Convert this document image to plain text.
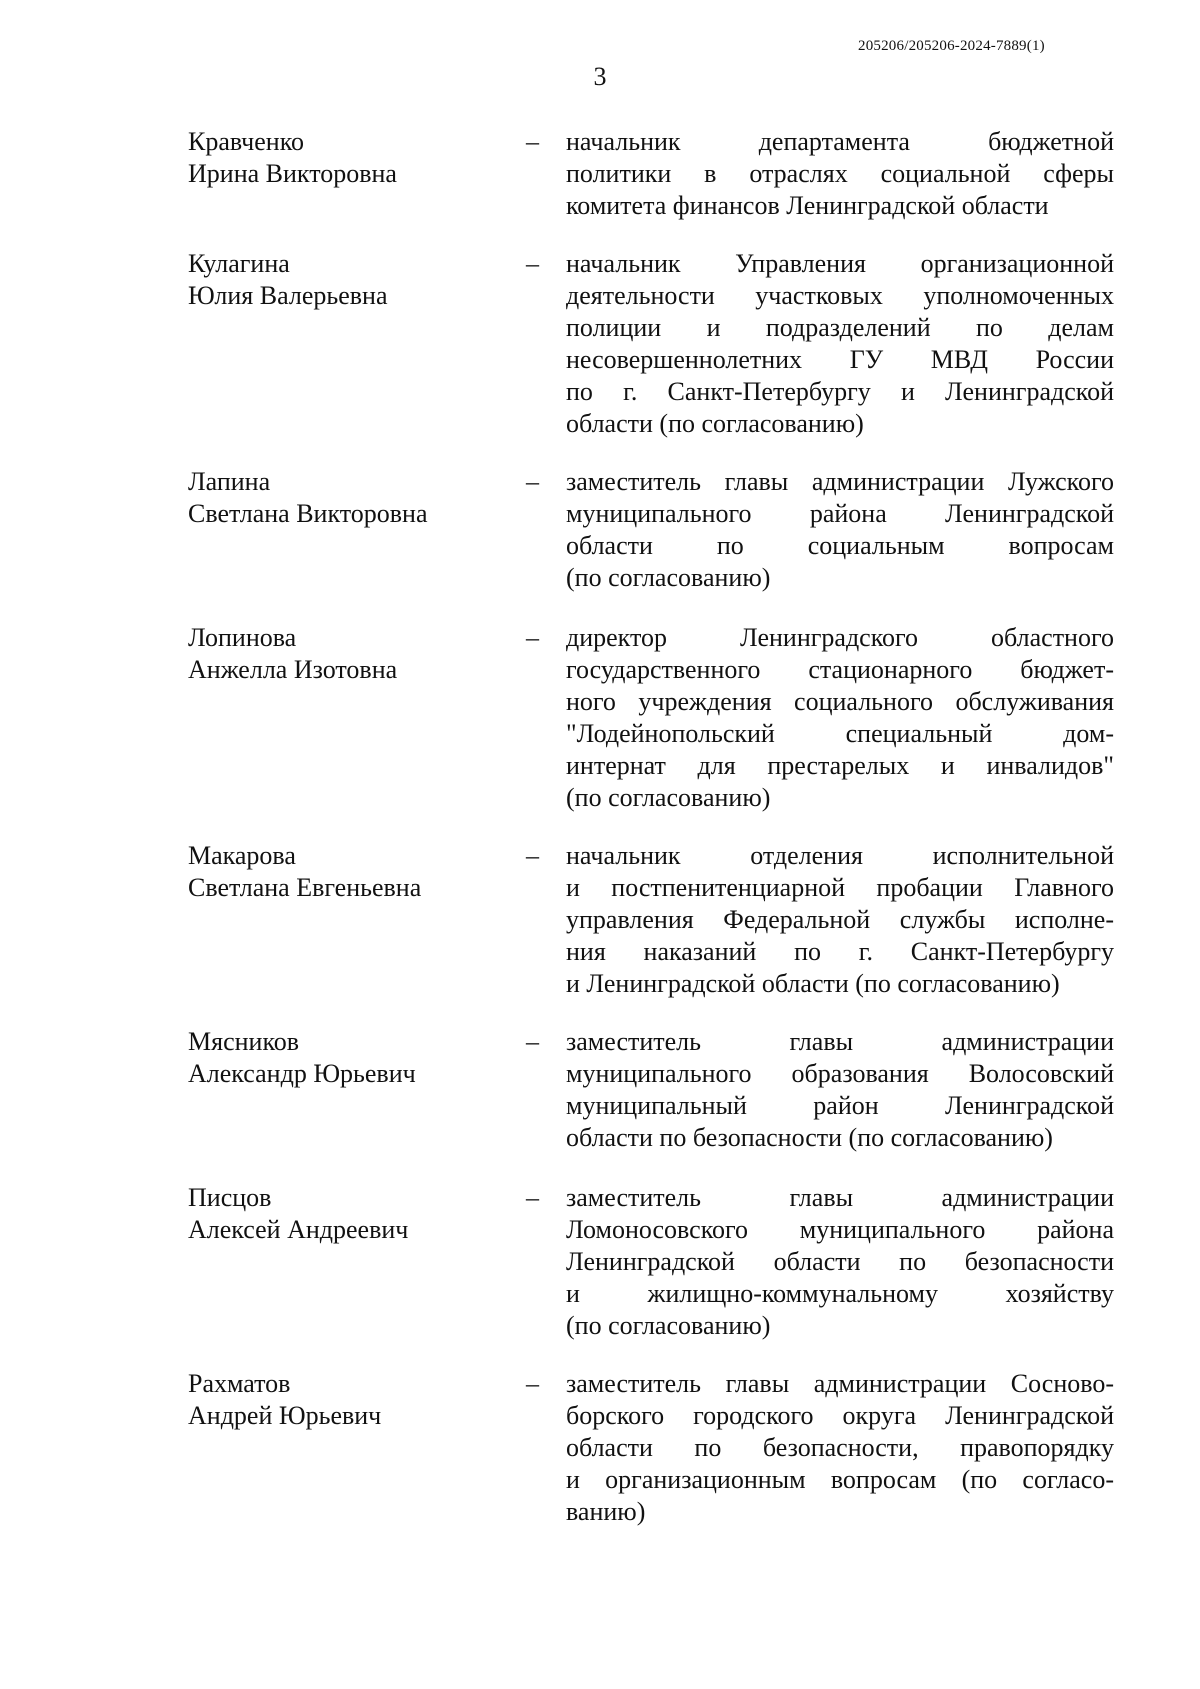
205206/205206-2024-7889(1)
3
Кравченко
Ирина Викторовна
– начальник департамента бюджетной
политики в отраслях социальной сферы
комитета финансов Ленинградской области
Кулагина
Юлия Валерьевна
– начальник Управления организационной
деятельности участковых уполномоченных
полиции и подразделений по делам
несовершеннолетних ГУ МВД России
по г. Санкт-Петербургу и Ленинградской
области (по согласованию)
Лапина
Светлана Викторовна
– заместитель главы администрации Лужского
муниципального района Ленинградской
области по социальным вопросам
(по согласованию)
Лопинова
Анжелла Изотовна
– директор Ленинградского областного
государственного стационарного бюджет-
ного учреждения социального обслуживания
"Лодейнопольский специальный дом-
интернат для престарелых и инвалидов"
(по согласованию)
Макарова
Светлана Евгеньевна
– начальник отделения исполнительной
и постпенитенциарной пробации Главного
управления Федеральной службы исполне-
ния наказаний по г. Санкт-Петербургу
и Ленинградской области (по согласованию)
Мясников
Александр Юрьевич
– заместитель главы администрации
муниципального образования Волосовский
муниципальный район Ленинградской
области по безопасности (по согласованию)
Писцов
Алексей Андреевич
– заместитель главы администрации
Ломоносовского муниципального района
Ленинградской области по безопасности
и жилищно-коммунальному хозяйству
(по согласованию)
Рахматов
Андрей Юрьевич
– заместитель главы администрации Сосново-
борского городского округа Ленинградской
области по безопасности, правопорядку
и организационным вопросам (по согласо-
ванию)
